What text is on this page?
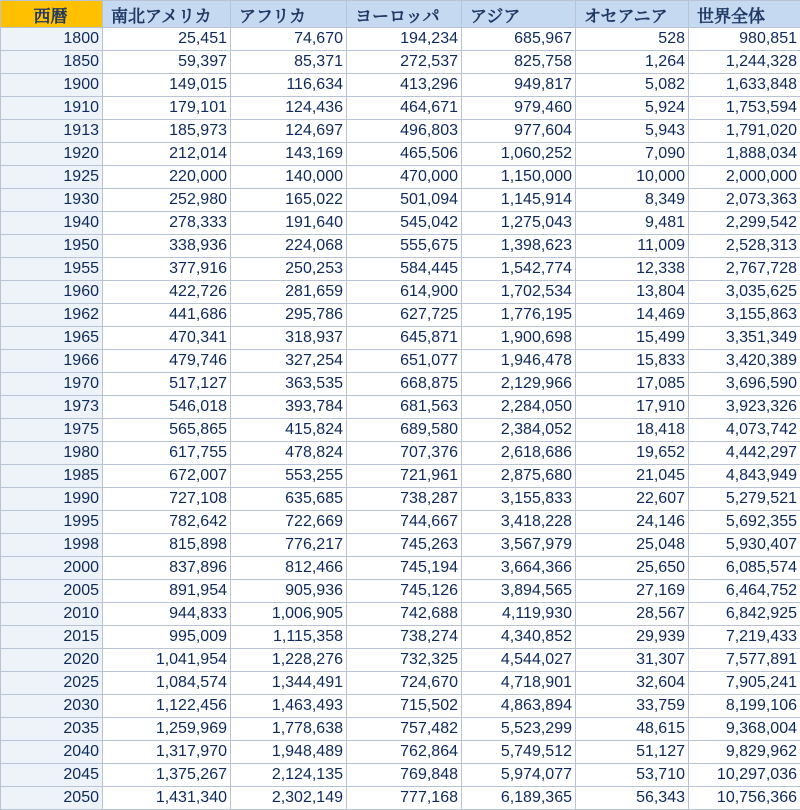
西暦	南北アメリカ	アフリカ	ヨーロッパ	アジア	オセアニア	世界全体
1800	25,451	74,670	194,234	685,967	528	980,851
1850	59,397	85,371	272,537	825,758	1,264	1,244,328
1900	149,015	116,634	413,296	949,817	5,082	1,633,848
1910	179,101	124,436	464,671	979,460	5,924	1,753,594
1913	185,973	124,697	496,803	977,604	5,943	1,791,020
1920	212,014	143,169	465,506	1,060,252	7,090	1,888,034
1925	220,000	140,000	470,000	1,150,000	10,000	2,000,000
1930	252,980	165,022	501,094	1,145,914	8,349	2,073,363
1940	278,333	191,640	545,042	1,275,043	9,481	2,299,542
1950	338,936	224,068	555,675	1,398,623	11,009	2,528,313
1955	377,916	250,253	584,445	1,542,774	12,338	2,767,728
1960	422,726	281,659	614,900	1,702,534	13,804	3,035,625
1962	441,686	295,786	627,725	1,776,195	14,469	3,155,863
1965	470,341	318,937	645,871	1,900,698	15,499	3,351,349
1966	479,746	327,254	651,077	1,946,478	15,833	3,420,389
1970	517,127	363,535	668,875	2,129,966	17,085	3,696,590
1973	546,018	393,784	681,563	2,284,050	17,910	3,923,326
1975	565,865	415,824	689,580	2,384,052	18,418	4,073,742
1980	617,755	478,824	707,376	2,618,686	19,652	4,442,297
1985	672,007	553,255	721,961	2,875,680	21,045	4,843,949
1990	727,108	635,685	738,287	3,155,833	22,607	5,279,521
1995	782,642	722,669	744,667	3,418,228	24,146	5,692,355
1998	815,898	776,217	745,263	3,567,979	25,048	5,930,407
2000	837,896	812,466	745,194	3,664,366	25,650	6,085,574
2005	891,954	905,936	745,126	3,894,565	27,169	6,464,752
2010	944,833	1,006,905	742,688	4,119,930	28,567	6,842,925
2015	995,009	1,115,358	738,274	4,340,852	29,939	7,219,433
2020	1,041,954	1,228,276	732,325	4,544,027	31,307	7,577,891
2025	1,084,574	1,344,491	724,670	4,718,901	32,604	7,905,241
2030	1,122,456	1,463,493	715,502	4,863,894	33,759	8,199,106
2035	1,259,969	1,778,638	757,482	5,523,299	48,615	9,368,004
2040	1,317,970	1,948,489	762,864	5,749,512	51,127	9,829,962
2045	1,375,267	2,124,135	769,848	5,974,077	53,710	10,297,036
2050	1,431,340	2,302,149	777,168	6,189,365	56,343	10,756,366
